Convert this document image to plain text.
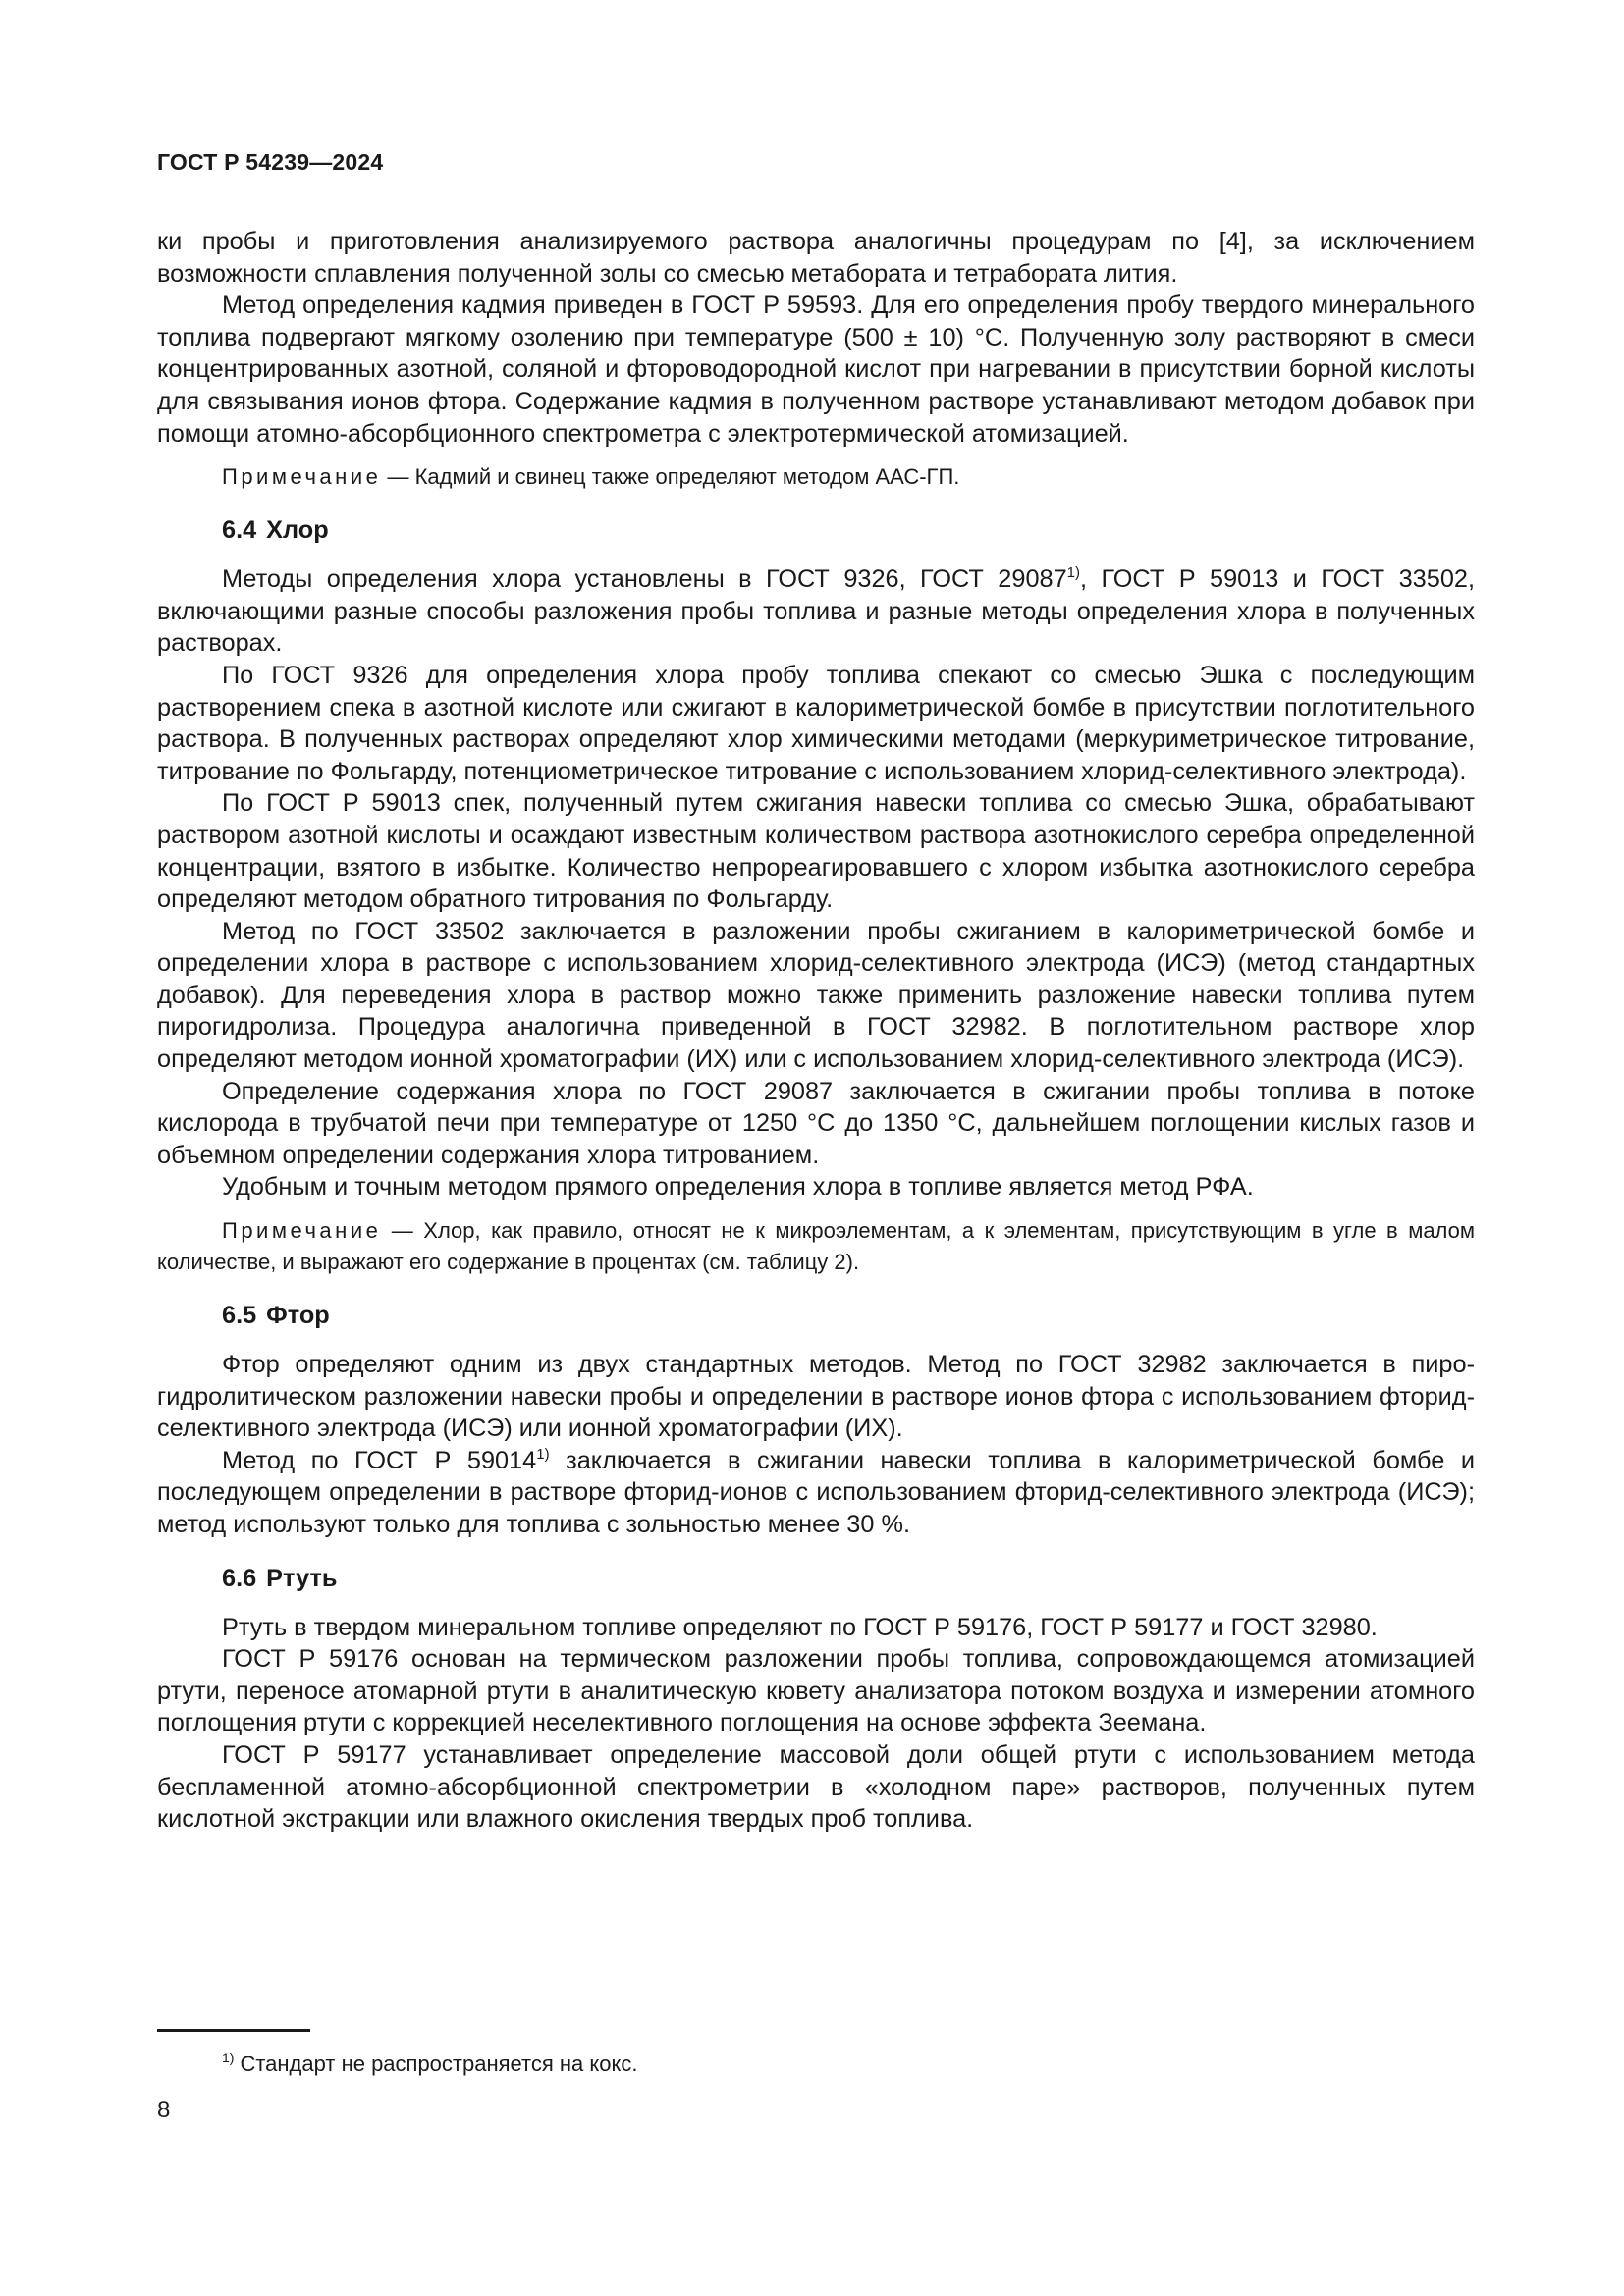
ГОСТ Р 54239—2024

ки пробы и приготовления анализируемого раствора аналогичны процедурам по [4], за исключением возможности сплавления полученной золы со смесью метабората и тетрабората лития.

Метод определения кадмия приведен в ГОСТ Р 59593. Для его определения пробу твердого минерального топлива подвергают мягкому озолению при температуре (500 ± 10) °С. Полученную золу растворяют в смеси концентрированных азотной, соляной и фтороводородной кислот при нагревании в присутствии борной кислоты для связывания ионов фтора. Содержание кадмия в полученном растворе устанавливают методом добавок при помощи атомно-абсорбционного спектрометра с электротермической атомизацией.

Примечание — Кадмий и свинец также определяют методом ААС-ГП.

6.4 Хлор

Методы определения хлора установлены в ГОСТ 9326, ГОСТ 29087$^{1)}$, ГОСТ Р 59013 и ГОСТ 33502, включающими разные способы разложения пробы топлива и разные методы определения хлора в полученных растворах.

По ГОСТ 9326 для определения хлора пробу топлива спекают со смесью Эшка с последующим растворением спека в азотной кислоте или сжигают в калориметрической бомбе в присутствии поглотительного раствора. В полученных растворах определяют хлор химическими методами (меркуриметрическое титрование, титрование по Фольгарду, потенциометрическое титрование с использованием хлорид-селективного электрода).

По ГОСТ Р 59013 спек, полученный путем сжигания навески топлива со смесью Эшка, обрабатывают раствором азотной кислоты и осаждают известным количеством раствора азотнокислого серебра определенной концентрации, взятого в избытке. Количество непрореагировавшего с хлором избытка азотнокислого серебра определяют методом обратного титрования по Фольгарду.

Метод по ГОСТ 33502 заключается в разложении пробы сжиганием в калориметрической бомбе и определении хлора в растворе с использованием хлорид-селективного электрода (ИСЭ) (метод стандартных добавок). Для переведения хлора в раствор можно также применить разложение навески топлива путем пирогидролиза. Процедура аналогична приведенной в ГОСТ 32982. В поглотительном растворе хлор определяют методом ионной хроматографии (ИХ) или с использованием хлорид-селективного электрода (ИСЭ).

Определение содержания хлора по ГОСТ 29087 заключается в сжигании пробы топлива в потоке кислорода в трубчатой печи при температуре от 1250 °С до 1350 °С, дальнейшем поглощении кислых газов и объемном определении содержания хлора титрованием.

Удобным и точным методом прямого определения хлора в топливе является метод РФА.

Примечание — Хлор, как правило, относят не к микроэлементам, а к элементам, присутствующим в угле в малом количестве, и выражают его содержание в процентах (см. таблицу 2).

6.5 Фтор

Фтор определяют одним из двух стандартных методов. Метод по ГОСТ 32982 заключается в пирогидролитическом разложении навески пробы и определении в растворе ионов фтора с использованием фторид-селективного электрода (ИСЭ) или ионной хроматографии (ИХ).

Метод по ГОСТ Р 59014$^{1)}$ заключается в сжигании навески топлива в калориметрической бомбе и последующем определении в растворе фторид-ионов с использованием фторид-селективного электрода (ИСЭ); метод используют только для топлива с зольностью менее 30 %.

6.6 Ртуть

Ртуть в твердом минеральном топливе определяют по ГОСТ Р 59176, ГОСТ Р 59177 и ГОСТ 32980.

ГОСТ Р 59176 основан на термическом разложении пробы топлива, сопровождающемся атомизацией ртути, переносе атомарной ртути в аналитическую кювету анализатора потоком воздуха и измерении атомного поглощения ртути с коррекцией неселективного поглощения на основе эффекта Зеемана.

ГОСТ Р 59177 устанавливает определение массовой доли общей ртути с использованием метода беспламенной атомно-абсорбционной спектрометрии в «холодном паре» растворов, полученных путем кислотной экстракции или влажного окисления твердых проб топлива.

$^{1)}$ Стандарт не распространяется на кокс.
8
